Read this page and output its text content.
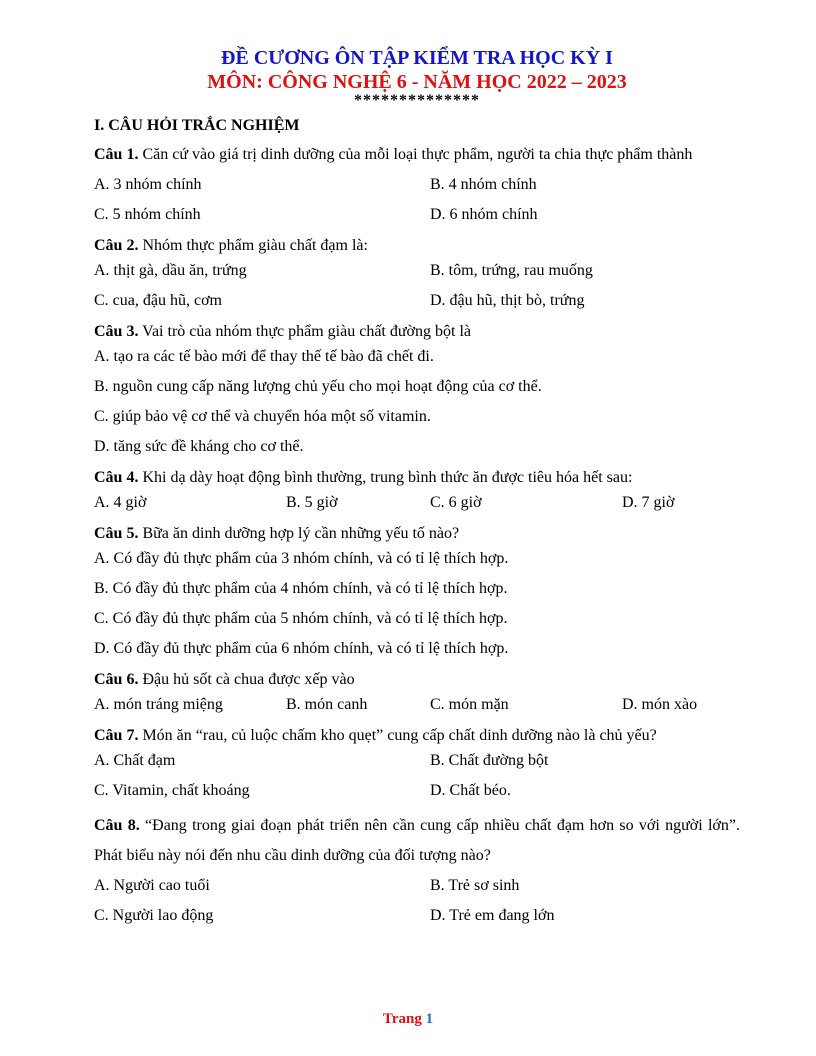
ĐỀ CƯƠNG ÔN TẬP KIỂM TRA HỌC KỲ I

MÔN: CÔNG NGHỆ 6 - NĂM HỌC 2022 – 2023

**************
I. CÂU HỎI TRẮC NGHIỆM

Câu 1. Căn cứ vào giá trị dinh dưỡng của mỗi loại thực phẩm, người ta chia thực phẩm thành

A. 3 nhóm chính	B. 4 nhóm chính
C. 5 nhóm chính	D. 6 nhóm chính

Câu 2. Nhóm thực phẩm giàu chất đạm là:

A. thịt gà, dầu ăn, trứng	B. tôm, trứng, rau muống
C. cua, đậu hũ, cơm	D. đậu hũ, thịt bò, trứng

Câu 3. Vai trò của nhóm thực phẩm giàu chất đường bột là

A. tạo ra các tế bào mới để thay thế tế bào đã chết đi.
B. nguồn cung cấp năng lượng chủ yếu cho mọi hoạt động của cơ thể.
C. giúp bảo vệ cơ thể và chuyển hóa một số vitamin.
D. tăng sức đề kháng cho cơ thể.

Câu 4. Khi dạ dày hoạt động bình thường, trung bình thức ăn được tiêu hóa hết sau:

A. 4 giờ	B. 5 giờ	C. 6 giờ	D. 7 giờ

Câu 5. Bữa ăn dinh dưỡng hợp lý cần những yếu tố nào?

A. Có đầy đủ thực phẩm của 3 nhóm chính, và có tỉ lệ thích hợp.
B. Có đầy đủ thực phẩm của 4 nhóm chính, và có tỉ lệ thích hợp.
C. Có đầy đủ thực phẩm của 5 nhóm chính, và có tỉ lệ thích hợp.
D. Có đầy đủ thực phẩm của 6 nhóm chính, và có tỉ lệ thích hợp.

Câu 6. Đậu hủ sốt cà chua được xếp vào

A. món tráng miệng	B. món canh	C. món mặn	D. món xào

Câu 7. Món ăn “rau, củ luộc chấm kho quẹt” cung cấp chất dinh dưỡng nào là chủ yếu?

A. Chất đạm	B. Chất đường bột
C. Vitamin, chất khoáng	D. Chất béo.

Câu 8. “Đang trong giai đoạn phát triển nên cần cung cấp nhiều chất đạm hơn so với người lớn”. Phát biểu này nói đến nhu cầu dinh dưỡng của đối tượng nào?

A. Người cao tuổi	B. Trẻ sơ sinh
C. Người lao động	D. Trẻ em đang lớn
Trang 1
